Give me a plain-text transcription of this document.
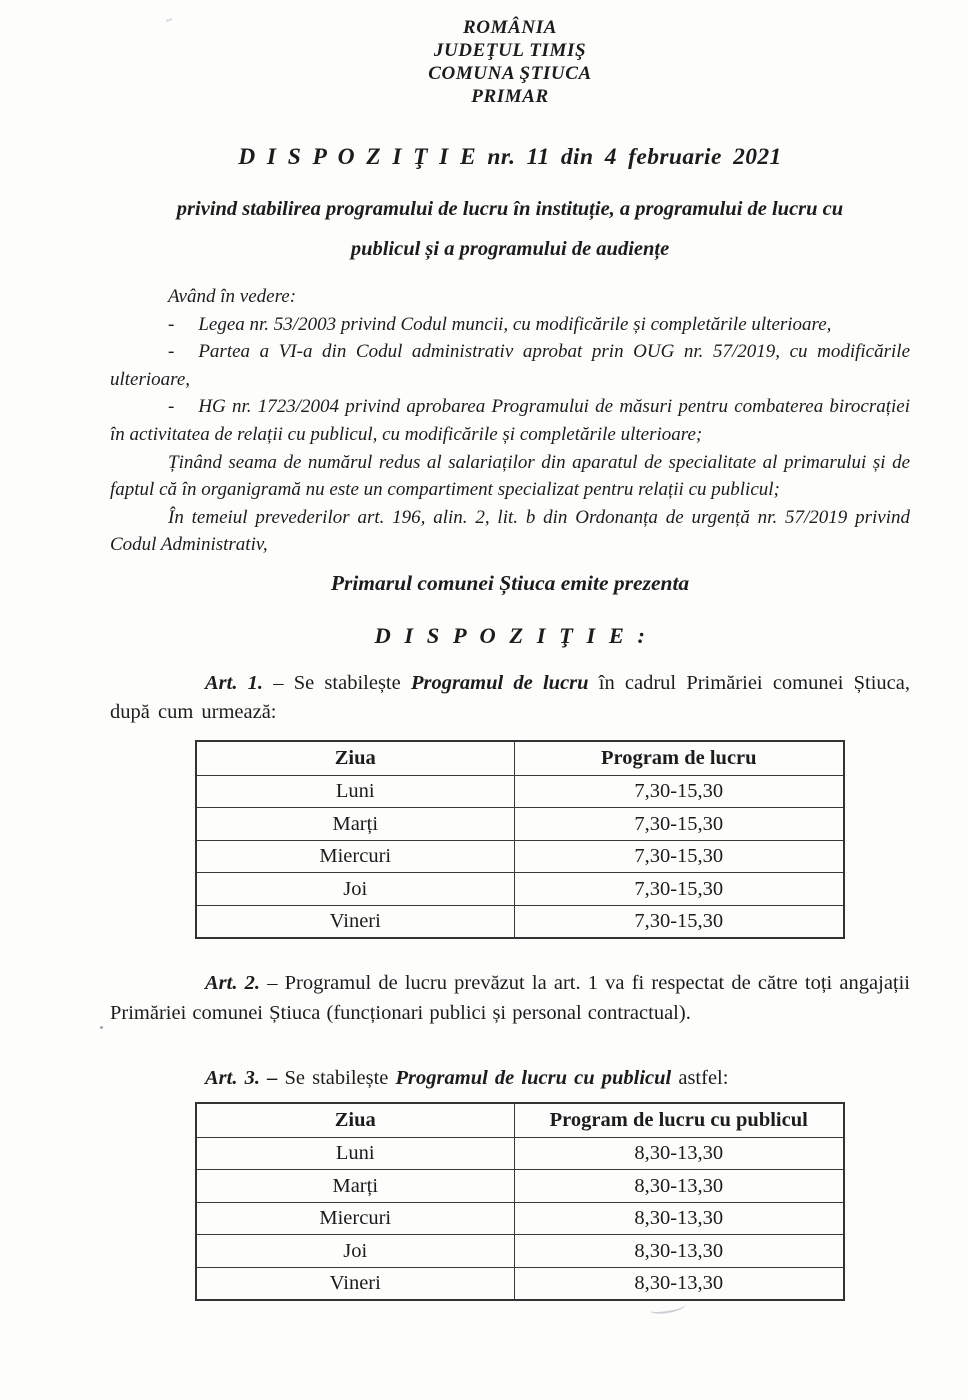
ROMÂNIA
JUDEŢUL TIMIŞ
COMUNA ŞTIUCA
PRIMAR
D I S P O Z I Ţ I E nr. 11 din 4 februarie 2021
privind stabilirea programului de lucru în instituție, a programului de lucru cu
publicul și a programului de audiențe

Având în vedere:

- Legea nr. 53/2003 privind Codul muncii, cu modificările și completările ulterioare,

- Partea a VI-a din Codul administrativ aprobat prin OUG nr. 57/2019, cu modificările ulterioare,

- HG nr. 1723/2004 privind aprobarea Programului de măsuri pentru combaterea birocrației în activitatea de relații cu publicul, cu modificările și completările ulterioare;

Ținând seama de numărul redus al salariaților din aparatul de specialitate al primarului și de faptul că în organigramă nu este un compartiment specializat pentru relații cu publicul;

În temeiul prevederilor art. 196, alin. 2, lit. b din Ordonanța de urgență nr. 57/2019 privind Codul Administrativ,

Primarul comunei Știuca emite prezenta
D I S P O Z I Ţ I E :

Art. 1. – Se stabilește Programul de lucru în cadrul Primăriei comunei Știuca, după cum urmează:

Ziua	Program de lucru
Luni	7,30-15,30
Marți	7,30-15,30
Miercuri	7,30-15,30
Joi	7,30-15,30
Vineri	7,30-15,30

Art. 2. – Programul de lucru prevăzut la art. 1 va fi respectat de către toți angajații Primăriei comunei Știuca (funcționari publici și personal contractual).

Art. 3. – Se stabilește Programul de lucru cu publicul astfel:

Ziua	Program de lucru cu publicul
Luni	8,30-13,30
Marți	8,30-13,30
Miercuri	8,30-13,30
Joi	8,30-13,30
Vineri	8,30-13,30
